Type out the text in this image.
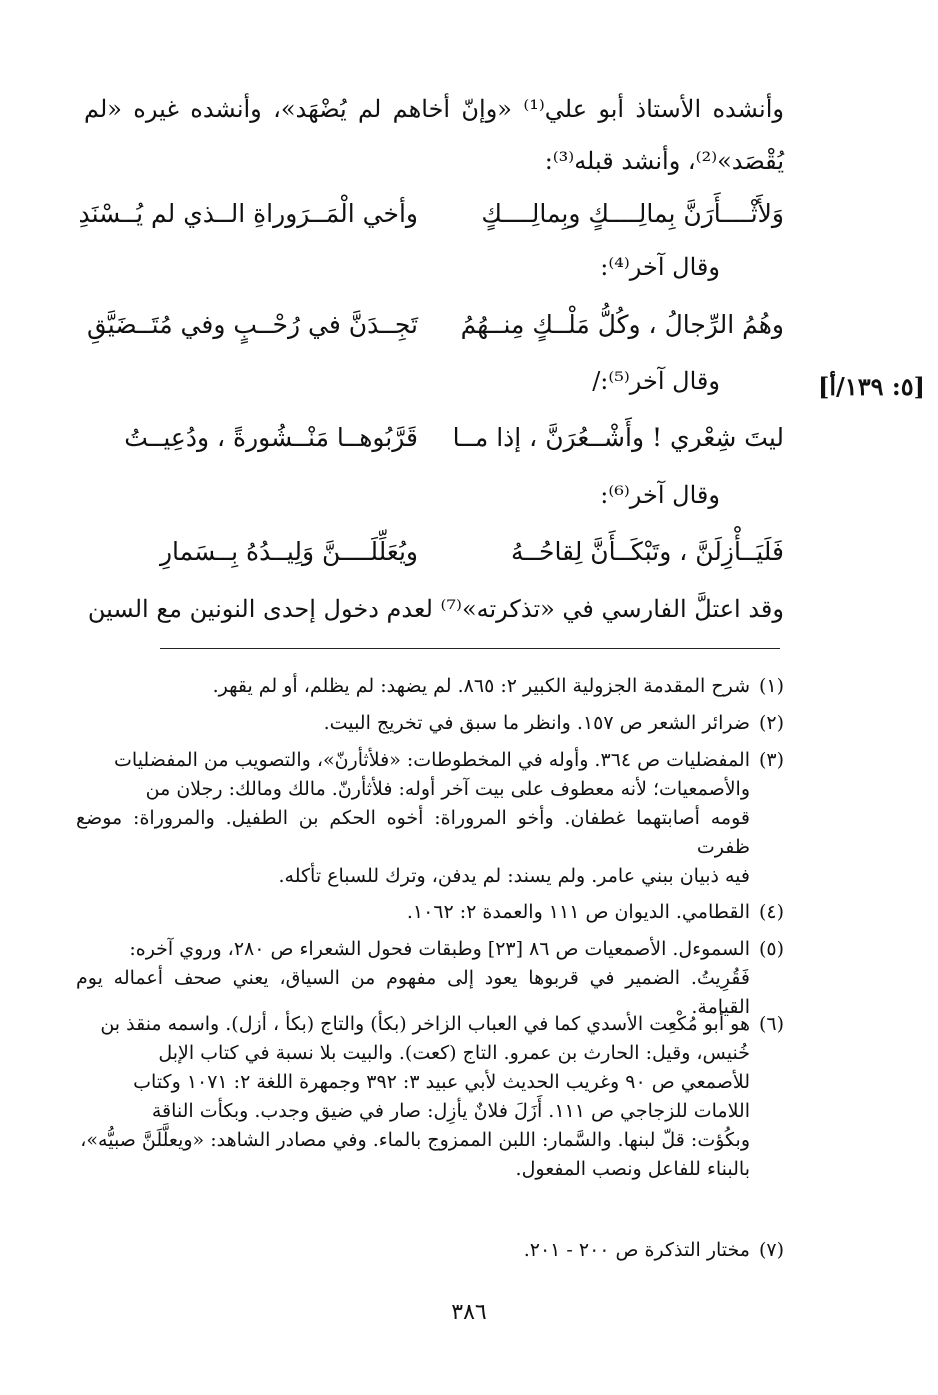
وأنشده الأستاذ أبو علي⁽¹⁾ «وإنّ أخاهم لم يُضْهَد»، وأنشده غيره «لم
يُقْصَد»⁽²⁾، وأنشد قبله⁽³⁾:
وَلأَثْــــأَرَنَّ بِمالِــــكٍ وبِمالِــــكٍ
وأخي الْمَــرَوراةِ الــذي لم يُــسْنَدِ
وقال آخر⁽⁴⁾:
وهُمُ الرِّجالُ ، وكُلُّ مَلْــكٍ مِنــهُمُ
تَجِــدَنَّ في رُحْــبٍ وفي مُتَــضَيَّقِ
وقال آخر⁽⁵⁾:/	[٥: ١٣٩/أ]
ليتَ شِعْري ! وأَشْــعُرَنَّ ، إذا مــا
قَرَّبُوهــا مَنْــشُورةً ، ودُعِيــتُ
وقال آخر⁽⁶⁾:
فَلَيَــأْزِلَنَّ ، وتَبْكَــأَنَّ لِقاحُــهُ
ويُعَلِّلَــــنَّ وَلِيــدُهُ بِــسَمارِ
وقد اعتلَّ الفارسي في «تذكرته»⁽⁷⁾ لعدم دخول إحدى النونين مع السين
(١)شرح المقدمة الجزولية الكبير ٢: ٨٦٥. لم يضهد: لم يظلم، أو لم يقهر.
(٢)ضرائر الشعر ص ١٥٧. وانظر ما سبق في تخريج البيت.
(٣)المفضليات ص ٣٦٤. وأوله في المخطوطات: «فلأثأرنّ»، والتصويب من المفضليات
والأصمعيات؛ لأنه معطوف على بيت آخر أوله: فلأثأرنّ. مالك ومالك: رجلان من
قومه أصابتهما غطفان. وأخو المروراة: أخوه الحكم بن الطفيل. والمروراة: موضع ظفرت
فيه ذبيان ببني عامر. ولم يسند: لم يدفن، وترك للسباع تأكله.
(٤)القطامي. الديوان ص ١١١ والعمدة ٢: ١٠٦٢.
(٥)السموءل. الأصمعيات ص ٨٦ [٢٣] وطبقات فحول الشعراء ص ٢٨٠، وروي آخره:
فَقُرِيتُ. الضمير في قربوها يعود إلى مفهوم من السياق، يعني صحف أعماله يوم القيامة.
(٦)هو أبو مُكْعِت الأسدي كما في العباب الزاخر (بكأ) والتاج (بكأ ، أزل). واسمه منقذ بن
خُنيس، وقيل: الحارث بن عمرو. التاج (كعت). والبيت بلا نسبة في كتاب الإبل
للأصمعي ص ٩٠ وغريب الحديث لأبي عبيد ٣: ٣٩٢ وجمهرة اللغة ٢: ١٠٧١ وكتاب
اللامات للزجاجي ص ١١١. أَزَلَ فلانٌ يأزِل: صار في ضيق وجدب. وبكأت الناقة
وبكُؤت: قلّ لبنها. والسَّمار: اللبن الممزوج بالماء. وفي مصادر الشاهد: «ويعلَّلَنَّ صبيُّه»،
بالبناء للفاعل ونصب المفعول.
(٧)مختار التذكرة ص ٢٠٠ - ٢٠١.
٣٨٦
